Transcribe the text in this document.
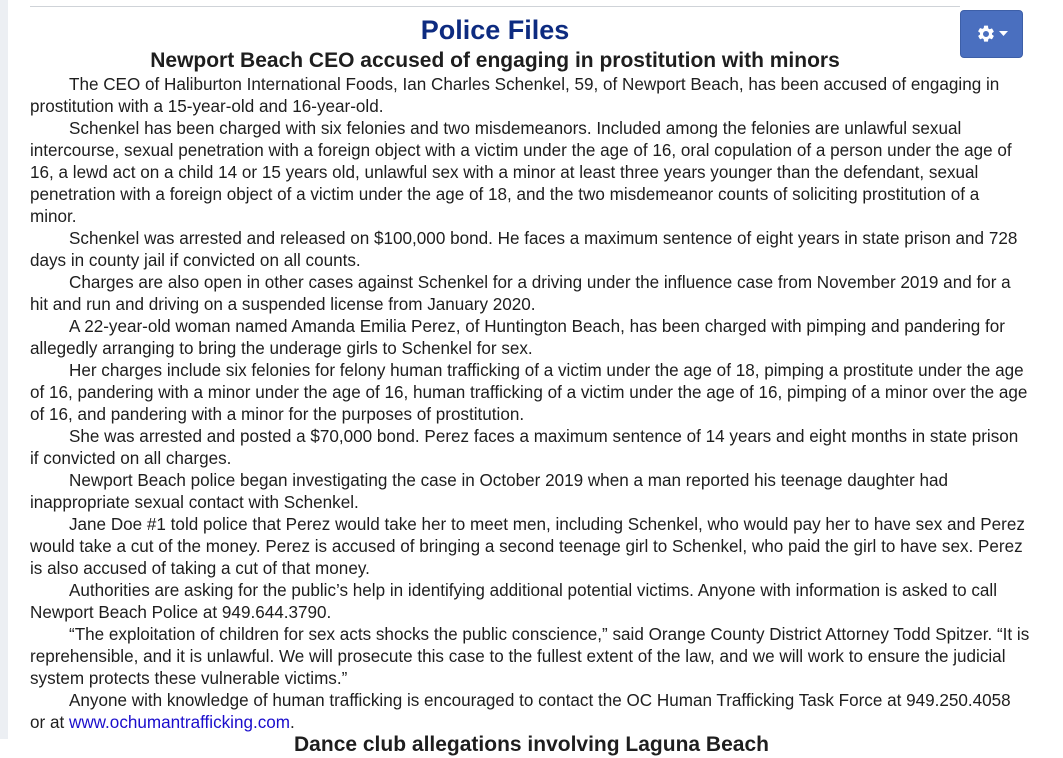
Police Files
Newport Beach CEO accused of engaging in prostitution with minors

The CEO of Haliburton International Foods, Ian Charles Schenkel, 59, of Newport Beach, has been accused of engaging in prostitution with a 15-year-old and 16-year-old.

Schenkel has been charged with six felonies and two misdemeanors. Included among the felonies are unlawful sexual intercourse, sexual penetration with a foreign object with a victim under the age of 16, oral copulation of a person under the age of 16, a lewd act on a child 14 or 15 years old, unlawful sex with a minor at least three years younger than the defendant, sexual penetration with a foreign object of a victim under the age of 18, and the two misdemeanor counts of soliciting prostitution of a minor.

Schenkel was arrested and released on $100,000 bond. He faces a maximum sentence of eight years in state prison and 728 days in county jail if convicted on all counts.

Charges are also open in other cases against Schenkel for a driving under the influence case from November 2019 and for a hit and run and driving on a suspended license from January 2020.

A 22-year-old woman named Amanda Emilia Perez, of Huntington Beach, has been charged with pimping and pandering for allegedly arranging to bring the underage girls to Schenkel for sex.

Her charges include six felonies for felony human trafficking of a victim under the age of 18, pimping a prostitute under the age of 16, pandering with a minor under the age of 16, human trafficking of a victim under the age of 16, pimping of a minor over the age of 16, and pandering with a minor for the purposes of prostitution.

She was arrested and posted a $70,000 bond. Perez faces a maximum sentence of 14 years and eight months in state prison if convicted on all charges.

Newport Beach police began investigating the case in October 2019 when a man reported his teenage daughter had inappropriate sexual contact with Schenkel.

Jane Doe #1 told police that Perez would take her to meet men, including Schenkel, who would pay her to have sex and Perez would take a cut of the money. Perez is accused of bringing a second teenage girl to Schenkel, who paid the girl to have sex. Perez is also accused of taking a cut of that money.

Authorities are asking for the public’s help in identifying additional potential victims. Anyone with information is asked to call Newport Beach Police at 949.644.3790.

“The exploitation of children for sex acts shocks the public conscience,” said Orange County District Attorney Todd Spitzer. “It is reprehensible, and it is unlawful. We will prosecute this case to the fullest extent of the law, and we will work to ensure the judicial system protects these vulnerable victims.”

Anyone with knowledge of human trafficking is encouraged to contact the OC Human Trafficking Task Force at 949.250.4058 or at www.ochumantrafficking.com.

Dance club allegations involving Laguna Beach
